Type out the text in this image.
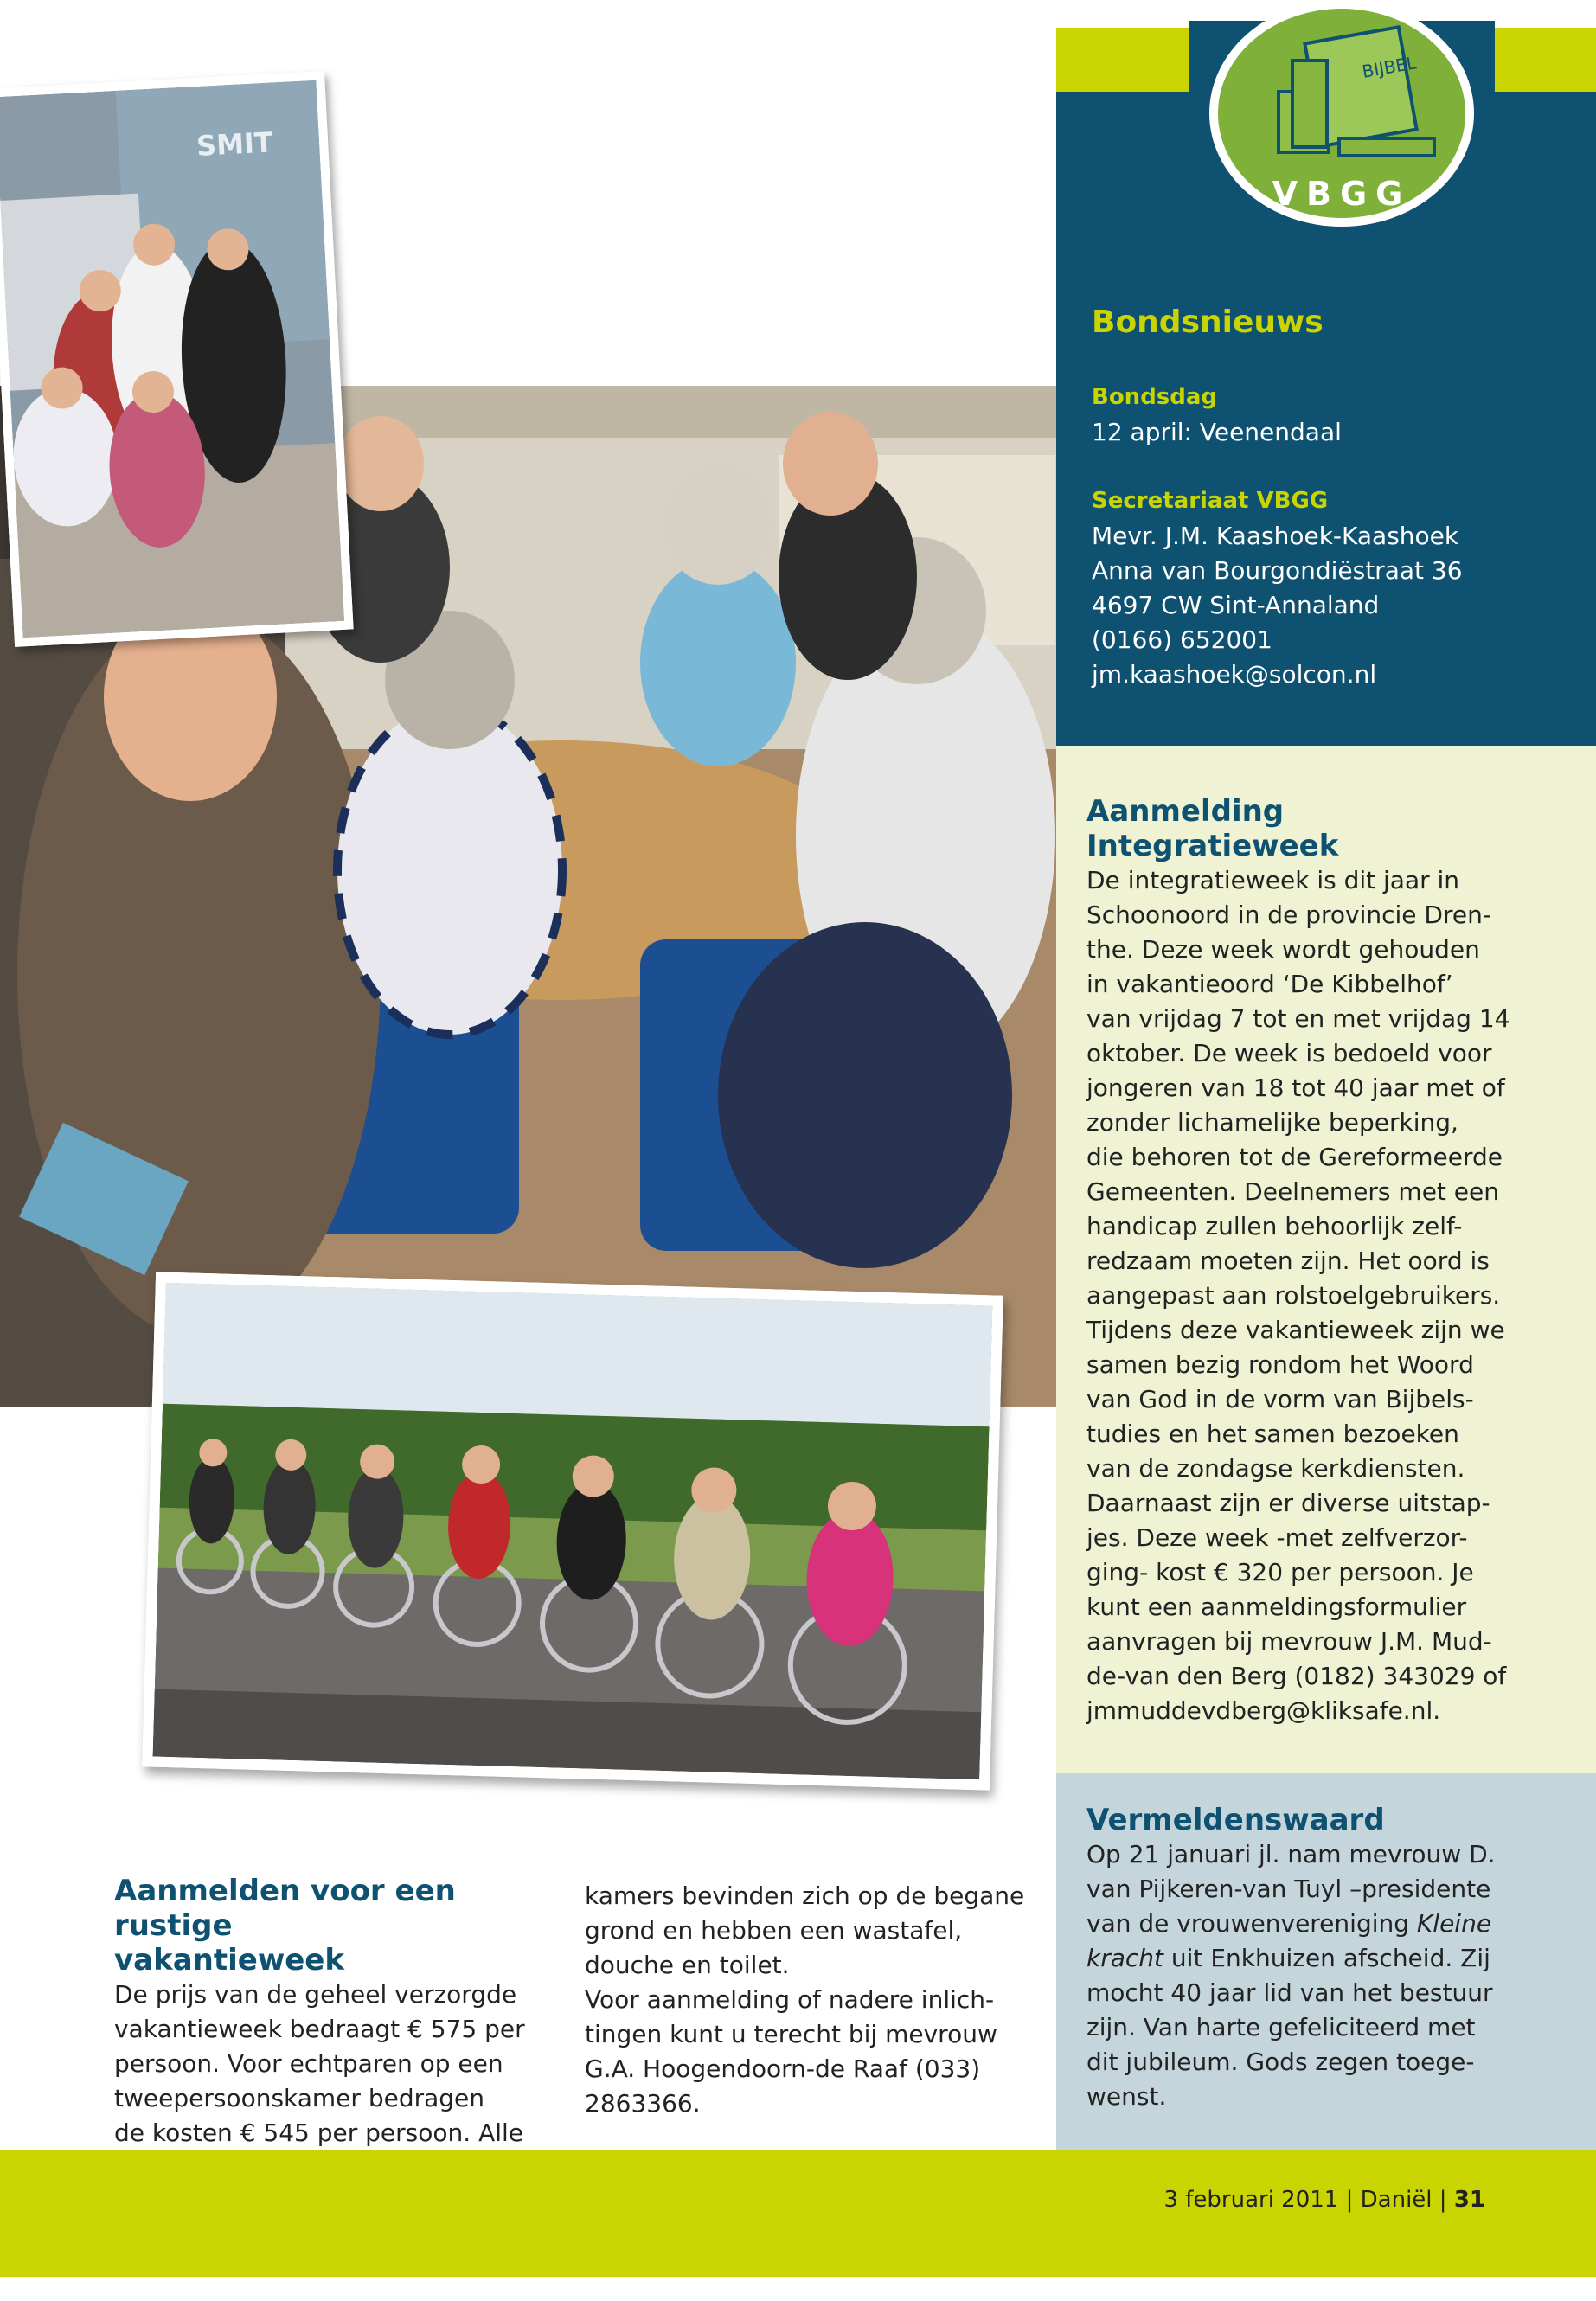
SMIT
BIJBEL
VBGG
Bondsnieuws
Bondsdag
12 april: Veenendaal
Secretariaat VBGG
Mevr. J.M. Kaashoek-Kaashoek
Anna van Bourgondiëstraat 36
4697 CW Sint-Annaland
(0166) 652001
jm.kaashoek@solcon.nl
Aanmelding
Integratieweek
De integratieweek is dit jaar in
Schoonoord in de provincie Dren-
the. Deze week wordt gehouden
in vakantieoord ‘De Kibbelhof’
van vrijdag 7 tot en met vrijdag 14
oktober. De week is bedoeld voor
jongeren van 18 tot 40 jaar met of
zonder lichamelijke beperking,
die behoren tot de Gereformeerde
Gemeenten. Deelnemers met een
handicap zullen behoorlijk zelf-
redzaam moeten zijn. Het oord is
aangepast aan rolstoelgebruikers.
Tijdens deze vakantieweek zijn we
samen bezig rondom het Woord
van God in de vorm van Bijbels-
tudies en het samen bezoeken
van de zondagse kerkdiensten.
Daarnaast zijn er diverse uitstap-
jes. Deze week -met zelfverzor-
ging- kost € 320 per persoon. Je
kunt een aanmeldingsformulier
aanvragen bij mevrouw J.M. Mud-
de-van den Berg (0182) 343029 of
jmmuddevdberg@kliksafe.nl.
Vermeldenswaard
Op 21 januari jl. nam mevrouw D.
van Pijkeren-van Tuyl –presidente
van de vrouwenvereniging Kleine
kracht uit Enkhuizen afscheid. Zij
mocht 40 jaar lid van het bestuur
zijn. Van harte gefeliciteerd met
dit jubileum. Gods zegen toege-
wenst.
Aanmelden voor een rustige
vakantieweek
De prijs van de geheel verzorgde
vakantieweek bedraagt € 575 per
persoon. Voor echtparen op een
tweepersoonskamer bedragen
de kosten € 545 per persoon. Alle
kamers bevinden zich op de begane
grond en hebben een wastafel,
douche en toilet.
Voor aanmelding of nadere inlich-
tingen kunt u terecht bij mevrouw
G.A. Hoogendoorn-de Raaf (033)
2863366.
3 februari 2011 | Daniël | 31
